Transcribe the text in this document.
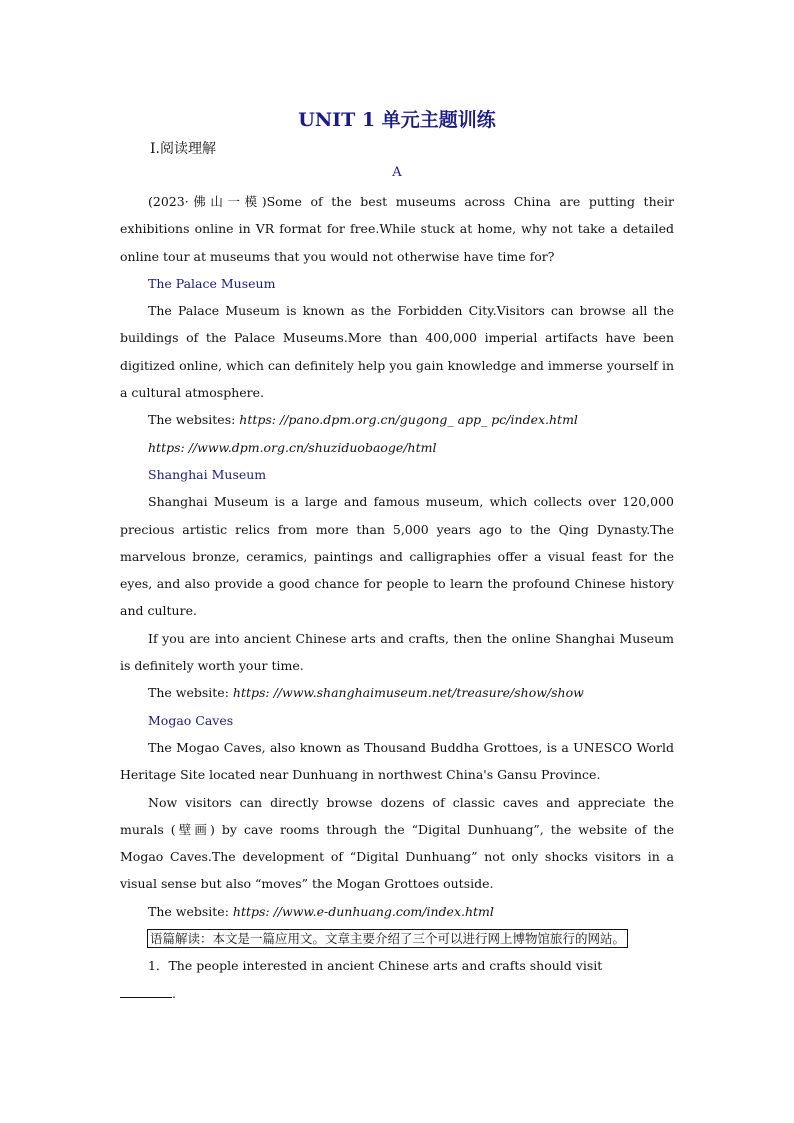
UNIT 1 单元主题训练
Ⅰ.阅读理解
A

(2023·佛山一模)Some of the best museums across China are putting their exhibitions online in VR format for free.While stuck at home, why not take a detailed online tour at museums that you would not otherwise have time for?

The Palace Museum

The Palace Museum is known as the Forbidden City.Visitors can browse all the buildings of the Palace Museums.More than 400,000 imperial artifacts have been digitized online, which can definitely help you gain knowledge and immerse yourself in a cultural atmosphere.

The websites: https: //pano.dpm.org.cn/gugong_ app_ pc/index.html

https: //www.dpm.org.cn/shuziduobaoge/html

Shanghai Museum

Shanghai Museum is a large and famous museum, which collects over 120,000 precious artistic relics from more than 5,000 years ago to the Qing Dynasty.The marvelous bronze, ceramics, paintings and calligraphies offer a visual feast for the eyes, and also provide a good chance for people to learn the profound Chinese history and culture.

If you are into ancient Chinese arts and crafts, then the online Shanghai Museum is definitely worth your time.

The website: https: //www.shanghaimuseum.net/treasure/show/show

Mogao Caves

The Mogao Caves, also known as Thousand Buddha Grottoes, is a UNESCO World Heritage Site located near Dunhuang in northwest China's Gansu Province.

Now visitors can directly browse dozens of classic caves and appreciate the murals (壁画) by cave rooms through the “Digital Dunhuang”, the website of the Mogao Caves.The development of “Digital Dunhuang” not only shocks visitors in a visual sense but also “moves” the Mogan Grottoes outside.

The website: https: //www.e-dunhuang.com/index.html

语篇解读：本文是一篇应用文。文章主要介绍了三个可以进行网上博物馆旅行的网站。

1．The people interested in ancient Chinese arts and crafts should visit

.
